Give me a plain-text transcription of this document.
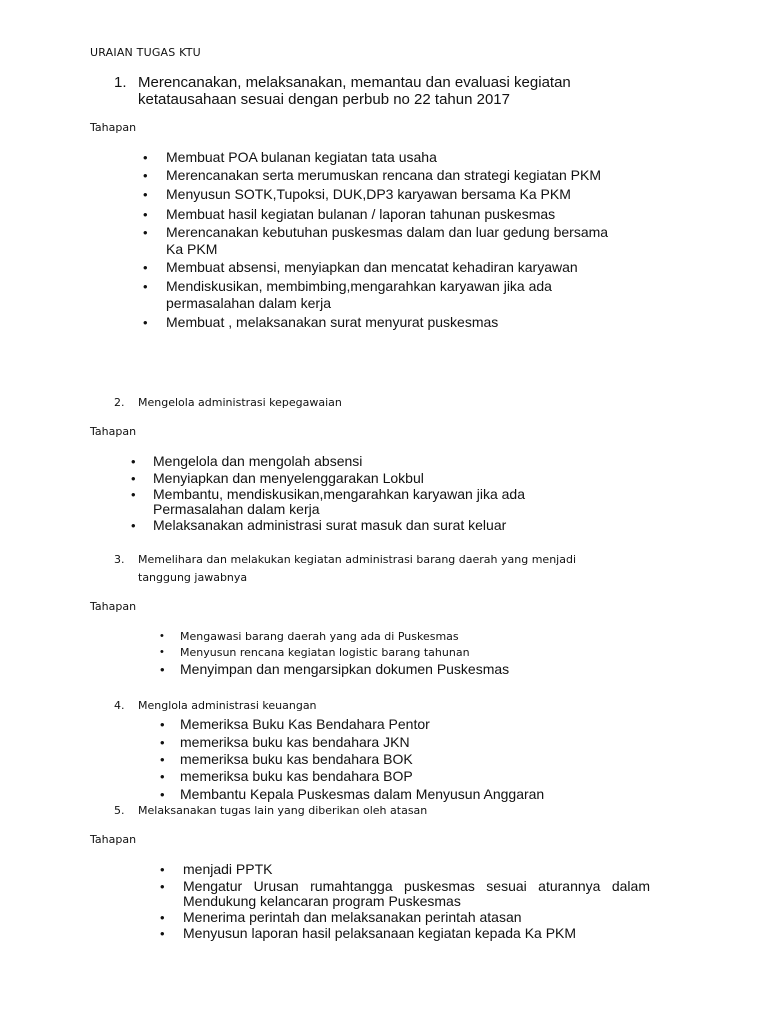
URAIAN TUGAS KTU
1. Merencanakan, melaksanakan, memantau dan evaluasi kegiatan
ketatausahaan sesuai dengan perbub no 22 tahun 2017
Tahapan
• Membuat POA bulanan kegiatan tata usaha
• Merencanakan serta merumuskan rencana dan strategi kegiatan PKM
• Menyusun SOTK,Tupoksi, DUK,DP3 karyawan bersama Ka PKM
• Membuat hasil kegiatan bulanan / laporan tahunan puskesmas
• Merencanakan kebutuhan puskesmas dalam dan luar gedung bersama
Ka PKM
• Membuat absensi, menyiapkan dan mencatat kehadiran karyawan
• Mendiskusikan, membimbing,mengarahkan karyawan jika ada
permasalahan dalam kerja
• Membuat , melaksanakan surat menyurat puskesmas
2. Mengelola administrasi kepegawaian
Tahapan
• Mengelola dan mengolah absensi
• Menyiapkan dan menyelenggarakan Lokbul
• Membantu, mendiskusikan,mengarahkan karyawan jika ada
Permasalahan dalam kerja
• Melaksanakan administrasi surat masuk dan surat keluar
3. Memelihara dan melakukan kegiatan administrasi barang daerah yang menjadi
tanggung jawabnya
Tahapan
• Mengawasi barang daerah yang ada di Puskesmas
• Menyusun rencana kegiatan logistic barang tahunan
• Menyimpan dan mengarsipkan dokumen Puskesmas
4. Menglola administrasi keuangan
• Memeriksa Buku Kas Bendahara Pentor
• memeriksa buku kas bendahara JKN
• memeriksa buku kas bendahara BOK
• memeriksa buku kas bendahara BOP
• Membantu Kepala Puskesmas dalam Menyusun Anggaran
5. Melaksanakan tugas lain yang diberikan oleh atasan
Tahapan
• menjadi PPTK
• Mengatur Urusan rumahtangga puskesmas sesuai aturannya dalam
Mendukung kelancaran program Puskesmas
• Menerima perintah dan melaksanakan perintah atasan
• Menyusun laporan hasil pelaksanaan kegiatan kepada Ka PKM
